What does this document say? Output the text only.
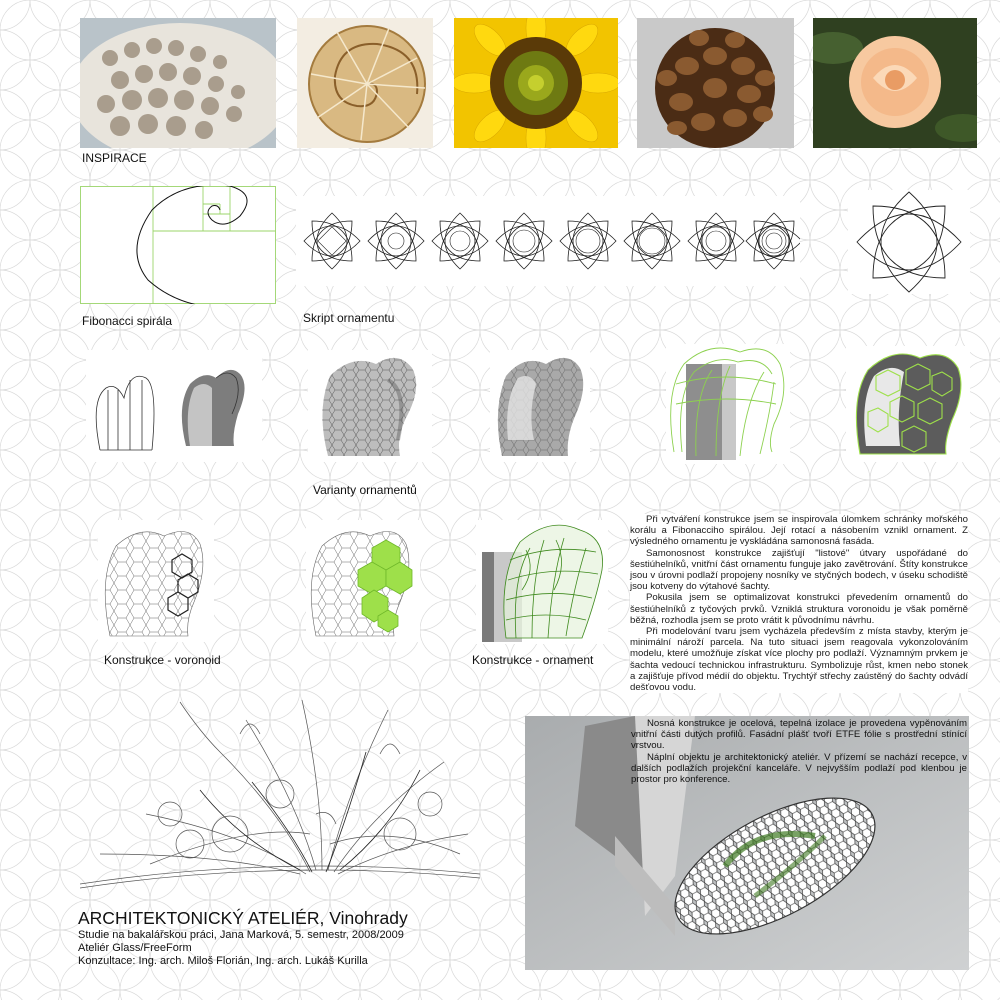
INSPIRACE
Fibonacci spirála	Skript ornamentu
Varianty ornamentů
Konstrukce - voronoid	Konstrukce - ornament

Při vytváření konstrukce jsem se inspirovala úlomkem schránky mořského korálu a Fibonacciho spirálou. Její rotací a násobením vznikl ornament. Z výsledného ornamentu je vyskládána samonosná fasáda.

Samonosnost konstrukce zajišťují "listové" útvary uspořádané do šestiúhelníků, vnitřní část ornamentu funguje jako zavětrování. Štíty konstrukce jsou v úrovni podlaží propojeny nosníky ve styčných bodech, v úseku schodiště jsou kotveny do výtahové šachty.

Pokusila jsem se optimalizovat konstrukci převedením ornamentů do šestiúhelníků z tyčových prvků. Vzniklá struktura voronoidu je však poměrně běžná, rozhodla jsem se proto vrátit k původnímu návrhu.

Při modelování tvaru jsem vycházela především z místa stavby, kterým je minimální nároží parcela. Na tuto situaci jsem reagovala vykonzolováním modelu, které umožňuje získat více plochy pro podlaží. Významným prvkem je šachta vedoucí technickou infrastrukturu. Symbolizuje růst, kmen nebo stonek a zajišťuje přívod médií do objektu. Trychtýř střechy zaústěný do šachty odvádí dešťovou vodu.

Nosná konstrukce je ocelová, tepelná izolace je provedena vypěnováním vnitřní části dutých profilů. Fasádní plášť tvoří ETFE fólie s prostřední stínící vrstvou.

Náplní objektu je architektonický ateliér. V přízemí se nachází recepce, v dalších podlažích projekční kanceláře. V nejvyšším podlaží pod klenbou je prostor pro konference.

ARCHITEKTONICKÝ ATELIÉR, Vinohrady
Studie na bakalářskou práci, Jana Marková, 5. semestr, 2008/2009
Ateliér Glass/FreeForm
Konzultace: Ing. arch. Miloš Florián, Ing. arch. Lukáš Kurilla
